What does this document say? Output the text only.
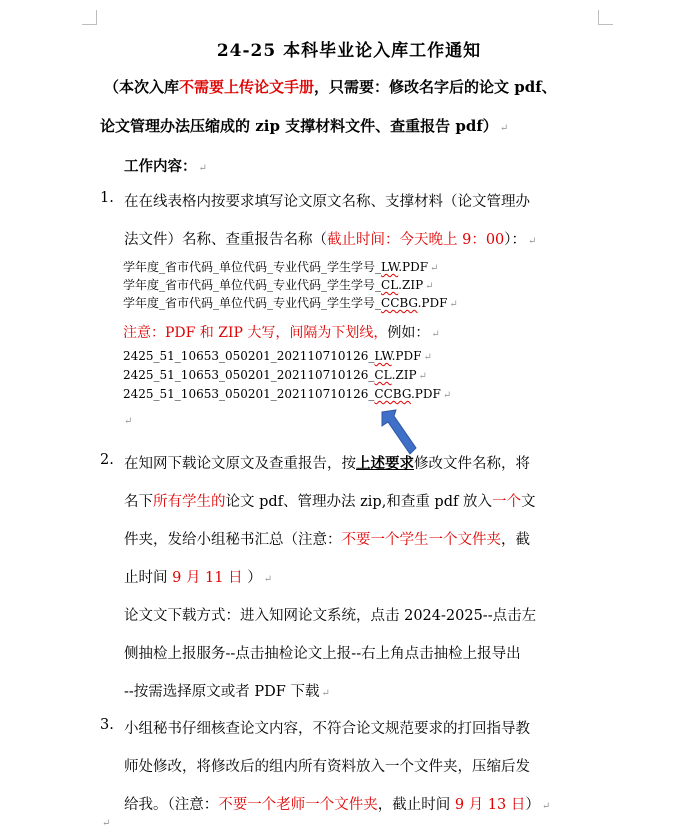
24-25 本科毕业论入库工作通知
（本次入库不需要上传论文手册，只需要：修改名字后的论文 pdf、
论文管理办法压缩成的 zip 支撑材料文件、查重报告 pdf） ↵
工作内容： ↵
1. 在在线表格内按要求填写论文原文名称、支撑材料（论文管理办
法文件）名称、查重报告名称（截止时间：今天晚上 9：00）： ↵
学年度_省市代码_单位代码_专业代码_学生学号_LW.PDF ↵
学年度_省市代码_单位代码_专业代码_学生学号_CL.ZIP ↵
学年度_省市代码_单位代码_专业代码_学生学号_CCBG.PDF ↵
注意：PDF 和 ZIP 大写，间隔为下划线，例如： ↵
2425_51_10653_050201_202110710126_LW.PDF ↵
2425_51_10653_050201_202110710126_CL.ZIP ↵
2425_51_10653_050201_202110710126_CCBG.PDF ↵
↵
2. 在知网下载论文原文及查重报告，按上述要求修改文件名称，将
名下所有学生的论文 pdf、管理办法 zip,和查重 pdf 放入一个文
件夹，发给小组秘书汇总（注意：不要一个学生一个文件夹，截
止时间 9 月 11 日 ） ↵
论文文下载方式：进入知网论文系统，点击 2024-2025--点击左
侧抽检上报服务--点击抽检论文上报--右上角点击抽检上报导出
--按需选择原文或者 PDF 下载 ↵
3. 小组秘书仔细核查论文内容，不符合论文规范要求的打回指导教
师处修改，将修改后的组内所有资料放入一个文件夹，压缩后发
给我。（注意：不要一个老师一个文件夹，截止时间 9 月 13 日） ↵
↵
